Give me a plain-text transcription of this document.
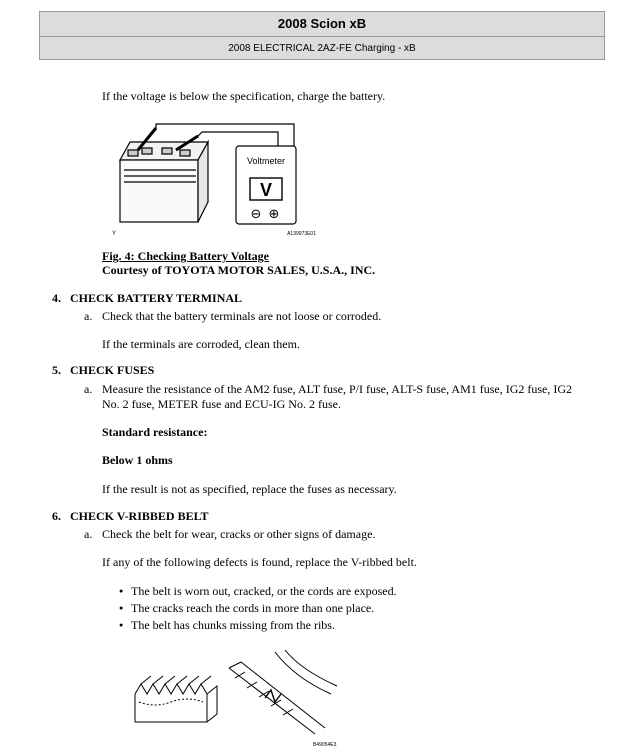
2008 Scion xB
2008 ELECTRICAL 2AZ-FE Charging - xB
If the voltage is below the specification, charge the battery.
Voltmeter
V
⊖ ⊕
Y	A139973E01
Fig. 4: Checking Battery Voltage
Courtesy of TOYOTA MOTOR SALES, U.S.A., INC.
4. CHECK BATTERY TERMINAL
a. Check that the battery terminals are not loose or corroded.
If the terminals are corroded, clean them.
5. CHECK FUSES
a. Measure the resistance of the AM2 fuse, ALT fuse, P/I fuse, ALT-S fuse, AM1 fuse, IG2 fuse, IG2
No. 2 fuse, METER fuse and ECU-IG No. 2 fuse.
Standard resistance:
Below 1 ohms
If the result is not as specified, replace the fuses as necessary.
6. CHECK V-RIBBED BELT
a. Check the belt for wear, cracks or other signs of damage.
If any of the following defects is found, replace the V-ribbed belt.
● The belt is worn out, cracked, or the cords are exposed.
● The cracks reach the cords in more than one place.
● The belt has chunks missing from the ribs.
B49054E3
